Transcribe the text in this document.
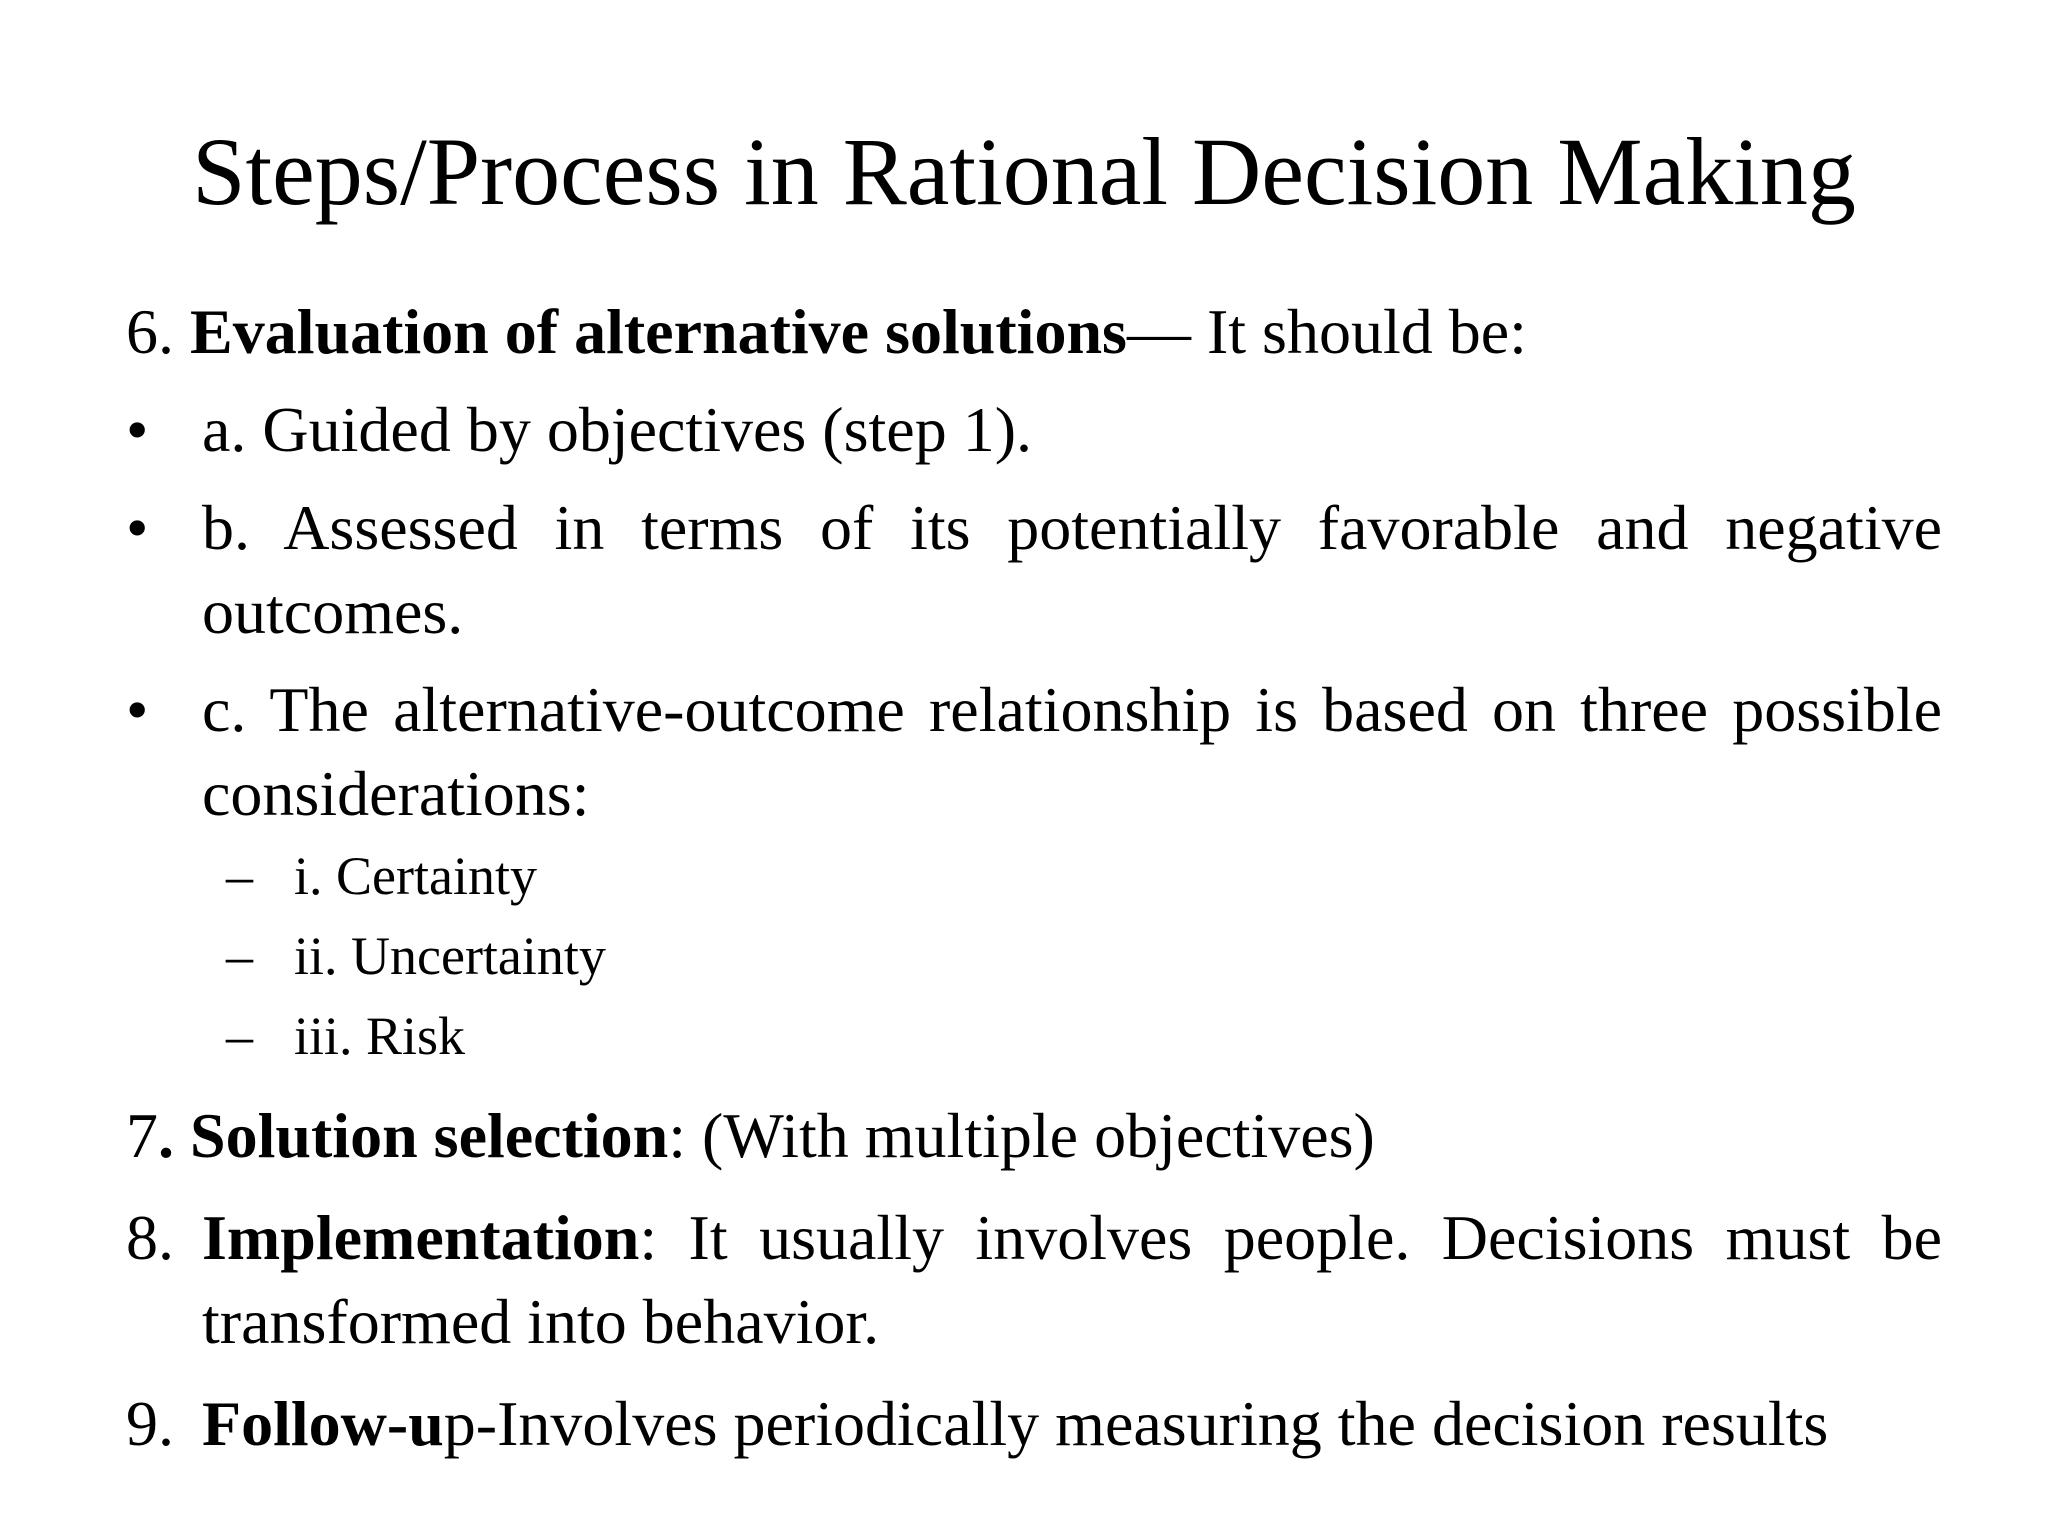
Steps/Process in Rational Decision Making
6. Evaluation of alternative solutions— It should be:
• a. Guided by objectives (step 1).
• b. Assessed in terms of its potentially favorable and negative outcomes.
• c. The alternative-outcome relationship is based on three possible considerations:
– i. Certainty
– ii. Uncertainty
– iii. Risk
7. Solution selection: (With multiple objectives)
8. Implementation: It usually involves people. Decisions must be transformed into behavior.
9. Follow-up-Involves periodically measuring the decision results
